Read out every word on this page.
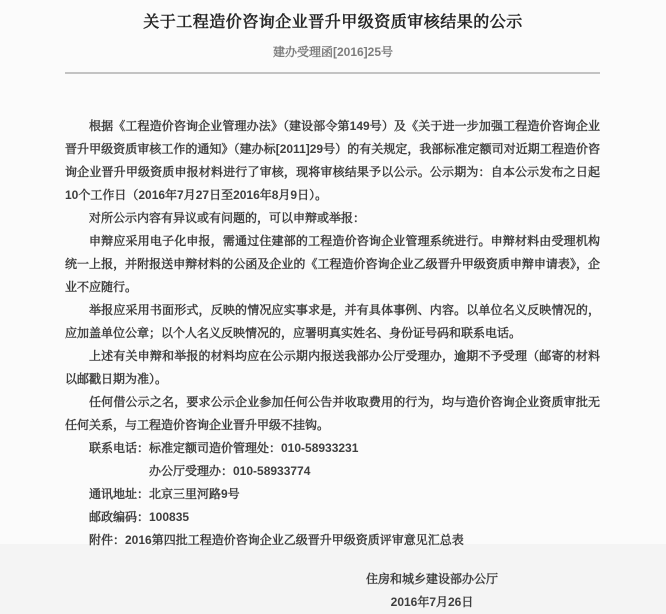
关于工程造价咨询企业晋升甲级资质审核结果的公示
建办受理函[2016]25号

根据《工程造价咨询企业管理办法》（建设部令第149号）及《关于进一步加强工程造价咨询企业晋升甲级资质审核工作的通知》（建办标[2011]29号）的有关规定，我部标准定额司对近期工程造价咨询企业晋升甲级资质申报材料进行了审核，现将审核结果予以公示。公示期为：自本公示发布之日起10个工作日（2016年7月27日至2016年8月9日）。

对所公示内容有异议或有问题的，可以申辩或举报：

申辩应采用电子化申报，需通过住建部的工程造价咨询企业管理系统进行。申辩材料由受理机构统一上报，并附报送申辩材料的公函及企业的《工程造价咨询企业乙级晋升甲级资质申辩申请表》，企业不应随行。

举报应采用书面形式，反映的情况应实事求是，并有具体事例、内容。以单位名义反映情况的，应加盖单位公章；以个人名义反映情况的，应署明真实姓名、身份证号码和联系电话。

上述有关申辩和举报的材料均应在公示期内报送我部办公厅受理办，逾期不予受理（邮寄的材料以邮戳日期为准）。

任何借公示之名，要求公示企业参加任何公告并收取费用的行为，均与造价咨询企业资质审批无任何关系，与工程造价咨询企业晋升甲级不挂钩。

联系电话：标准定额司造价管理处：010-58933231

办公厅受理办：010-58933774

通讯地址：北京三里河路9号

邮政编码：100835

附件：2016第四批工程造价咨询企业乙级晋升甲级资质评审意见汇总表

住房和城乡建设部办公厅
2016年7月26日
